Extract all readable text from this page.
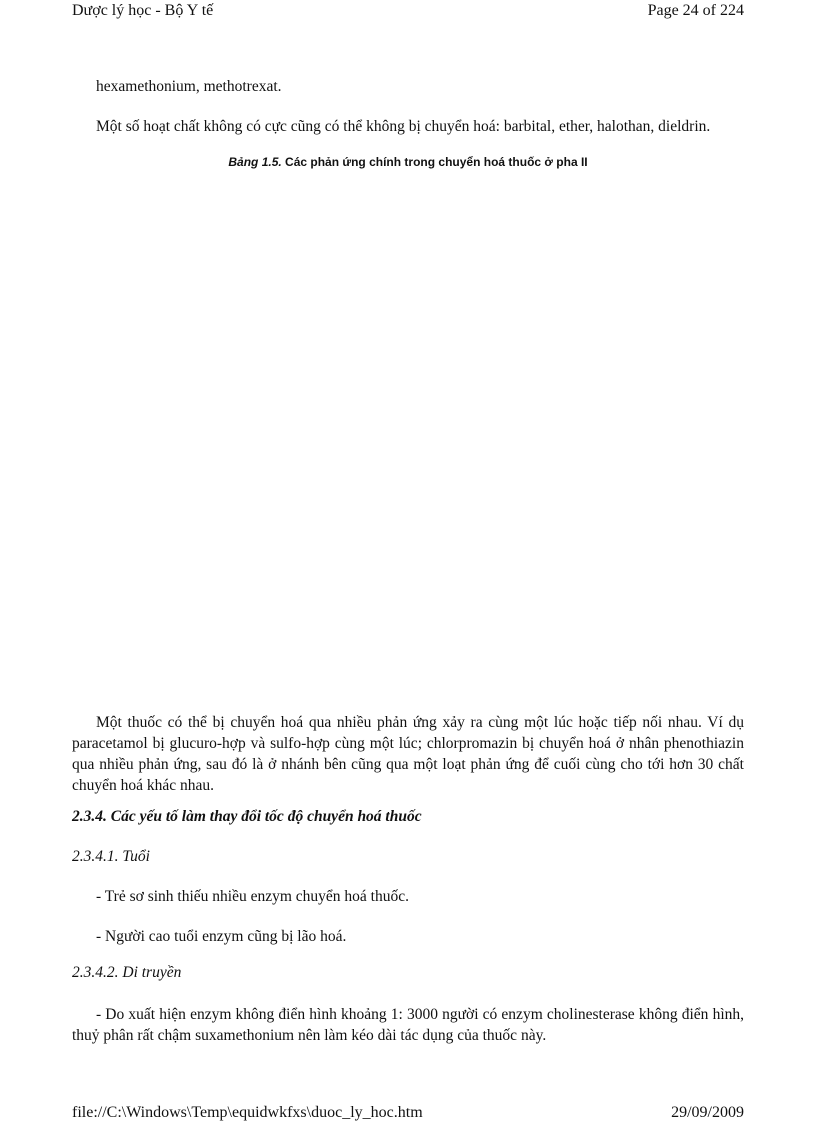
Dược lý học - Bộ Y tế	Page 24 of 224
hexamethonium, methotrexat.
Một số hoạt chất không có cực cũng có thể không bị chuyển hoá: barbital, ether, halothan, dieldrin.
Bảng 1.5. Các phản ứng chính trong chuyển hoá thuốc ở pha II
Một thuốc có thể bị chuyển hoá qua nhiều phản ứng xảy ra cùng một lúc hoặc tiếp nối nhau. Ví dụ paracetamol bị glucuro-hợp và sulfo-hợp cùng một lúc; chlorpromazin bị chuyển hoá ở nhân phenothiazin qua nhiều phản ứng, sau đó là ở nhánh bên cũng qua một loạt phản ứng để cuối cùng cho tới hơn 30 chất chuyển hoá khác nhau.
2.3.4. Các yếu tố làm thay đổi tốc độ chuyển hoá thuốc
2.3.4.1. Tuổi
- Trẻ sơ sinh thiếu nhiều enzym chuyển hoá thuốc.
- Người cao tuổi enzym cũng bị lão hoá.
2.3.4.2. Di truyền
- Do xuất hiện enzym không điển hình khoảng 1: 3000 người có enzym cholinesterase không điển hình, thuỷ phân rất chậm suxamethonium nên làm kéo dài tác dụng của thuốc này.
file://C:\Windows\Temp\equidwkfxs\duoc_ly_hoc.htm	29/09/2009
